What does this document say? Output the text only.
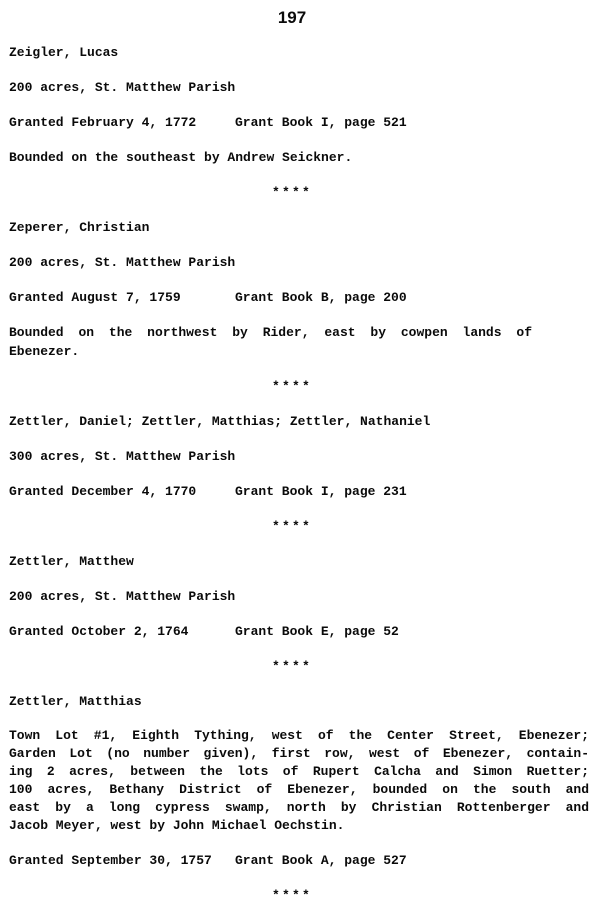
197
Zeigler, Lucas
200 acres, St. Matthew Parish
Granted February 4, 1772	Grant Book I, page 521
Bounded on the southeast by Andrew Seickner.
****
Zeperer, Christian
200 acres, St. Matthew Parish
Granted August 7, 1759	Grant Book B, page 200
Bounded on the northwest by Rider, east by cowpen lands of
Ebenezer.
****
Zettler, Daniel; Zettler, Matthias; Zettler, Nathaniel
300 acres, St. Matthew Parish
Granted December 4, 1770	Grant Book I, page 231
****
Zettler, Matthew
200 acres, St. Matthew Parish
Granted October 2, 1764	Grant Book E, page 52
****
Zettler, Matthias
Town Lot #1, Eighth Tything, west of the Center Street, Ebenezer;
Garden Lot (no number given), first row, west of Ebenezer, contain-
ing 2 acres, between the lots of Rupert Calcha and Simon Ruetter;
100 acres, Bethany District of Ebenezer, bounded on the south and
east by a long cypress swamp, north by Christian Rottenberger and
Jacob Meyer, west by John Michael Oechstin.
Granted September 30, 1757	Grant Book A, page 527
****
